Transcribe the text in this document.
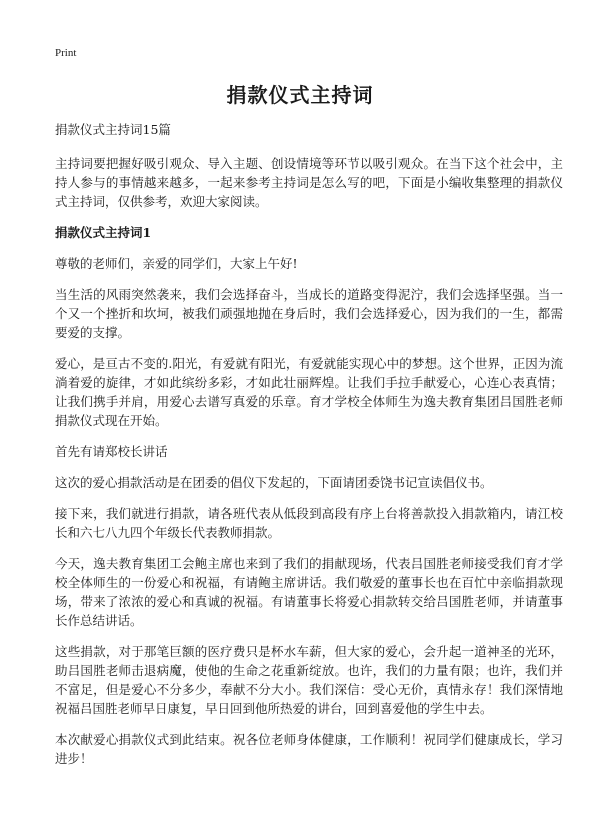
Print
捐款仪式主持词

捐款仪式主持词15篇

主持词要把握好吸引观众、导入主题、创设情境等环节以吸引观众。在当下这个社会中，主持人参与的事情越来越多，一起来参考主持词是怎么写的吧，下面是小编收集整理的捐款仪式主持词，仅供参考，欢迎大家阅读。

捐款仪式主持词1

尊敬的老师们，亲爱的同学们，大家上午好!

当生活的风雨突然袭来，我们会选择奋斗，当成长的道路变得泥泞，我们会选择坚强。当一个又一个挫折和坎坷，被我们顽强地抛在身后时，我们会选择爱心，因为我们的一生，都需要爱的支撑。

爱心，是亘古不变的.阳光，有爱就有阳光，有爱就能实现心中的梦想。这个世界，正因为流淌着爱的旋律，才如此缤纷多彩，才如此壮丽辉煌。让我们手拉手献爱心，心连心表真情；让我们携手并肩，用爱心去谱写真爱的乐章。育才学校全体师生为逸夫教育集团吕国胜老师捐款仪式现在开始。

首先有请郑校长讲话

这次的爱心捐款活动是在团委的倡仪下发起的，下面请团委饶书记宣读倡仪书。

接下来，我们就进行捐款，请各班代表从低段到高段有序上台将善款投入捐款箱内，请江校长和六七八九四个年级长代表教师捐款。

今天，逸夫教育集团工会鲍主席也来到了我们的捐献现场，代表吕国胜老师接受我们育才学校全体师生的一份爱心和祝福，有请鲍主席讲话。我们敬爱的董事长也在百忙中亲临捐款现场，带来了浓浓的爱心和真诚的祝福。有请董事长将爱心捐款转交给吕国胜老师，并请董事长作总结讲话。

这些捐款，对于那笔巨额的医疗费只是杯水车薪，但大家的爱心，会升起一道神圣的光环，助吕国胜老师击退病魔，使他的生命之花重新绽放。也许，我们的力量有限；也许，我们并不富足，但是爱心不分多少，奉献不分大小。我们深信：受心无价，真情永存！我们深情地祝福吕国胜老师早日康复，早日回到他所热爱的讲台，回到喜爱他的学生中去。

本次献爱心捐款仪式到此结束。祝各位老师身体健康，工作顺利！祝同学们健康成长，学习进步！
